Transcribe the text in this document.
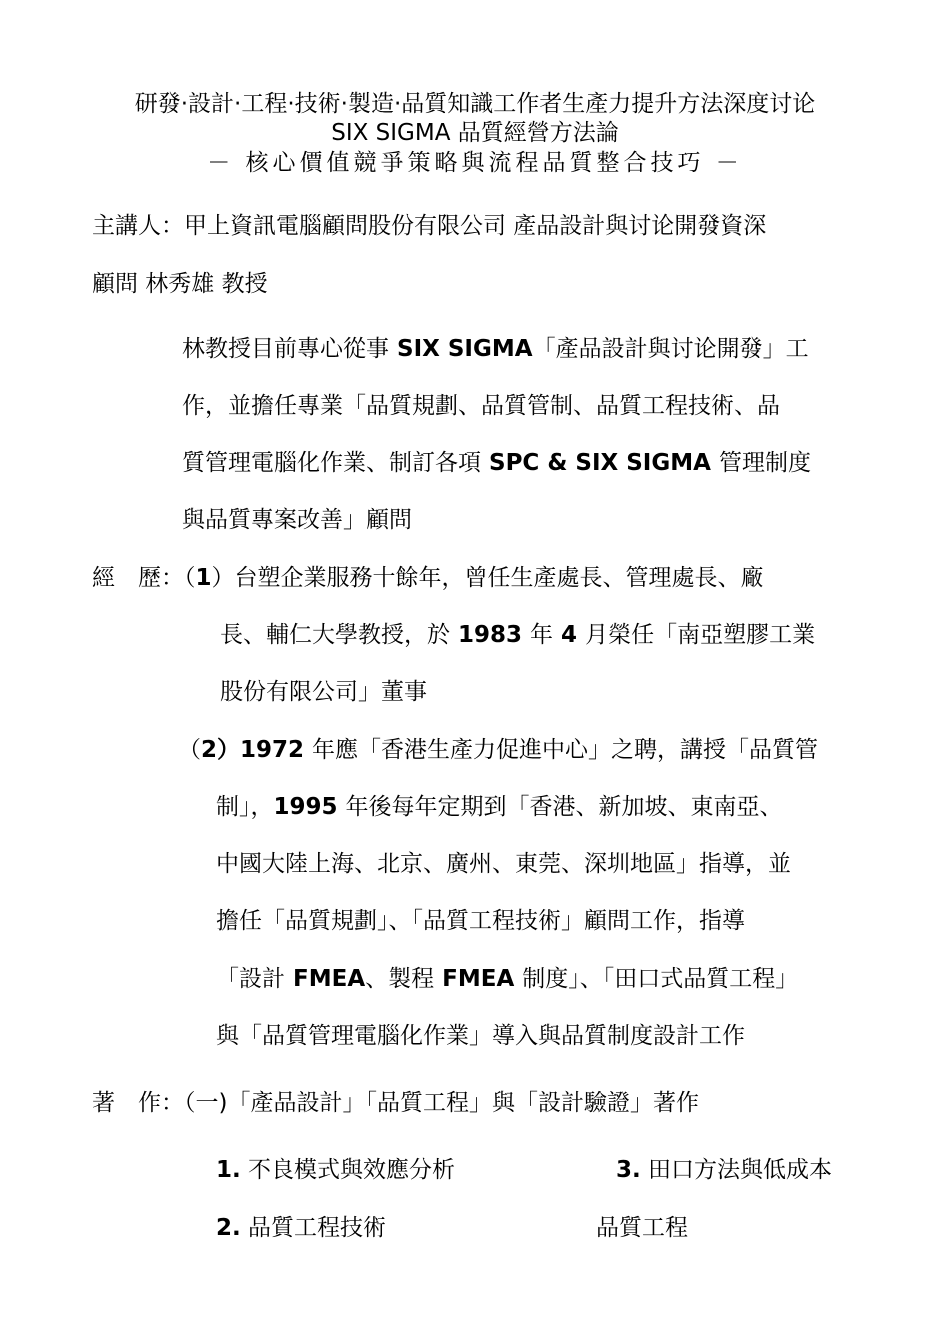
研發·設計·工程·技術·製造·品質知識工作者生產力提升方法深度讨论
SIX SIGMA 品質經營方法論
－ 核心價值競爭策略與流程品質整合技巧 －
主講人：甲上資訊電腦顧問股份有限公司 產品設計與讨论開發資深
顧問 林秀雄 教授
林教授目前專心從事 SIX SIGMA「產品設計與讨论開發」工
作，並擔任專業「品質規劃、品質管制、品質工程技術、品
質管理電腦化作業、制訂各項 SPC & SIX SIGMA 管理制度
與品質專案改善」顧問
經　歷：（1）台塑企業服務十餘年，曾任生產處長、管理處長、廠
長、輔仁大學教授，於 1983 年 4 月榮任「南亞塑膠工業
股份有限公司」董事
（2）1972 年應「香港生產力促進中心」之聘，講授「品質管
制」，1995 年後每年定期到「香港、新加坡、東南亞、
中國大陸上海、北京、廣州、東莞、深圳地區」指導，並
擔任「品質規劃」、「品質工程技術」顧問工作，指導
「設計 FMEA、製程 FMEA 制度」、「田口式品質工程」
與「品質管理電腦化作業」導入與品質制度設計工作
著　作：（一)「產品設計」「品質工程」與「設計驗證」著作
1. 不良模式與效應分析	3. 田口方法與低成本
2. 品質工程技術	品質工程
